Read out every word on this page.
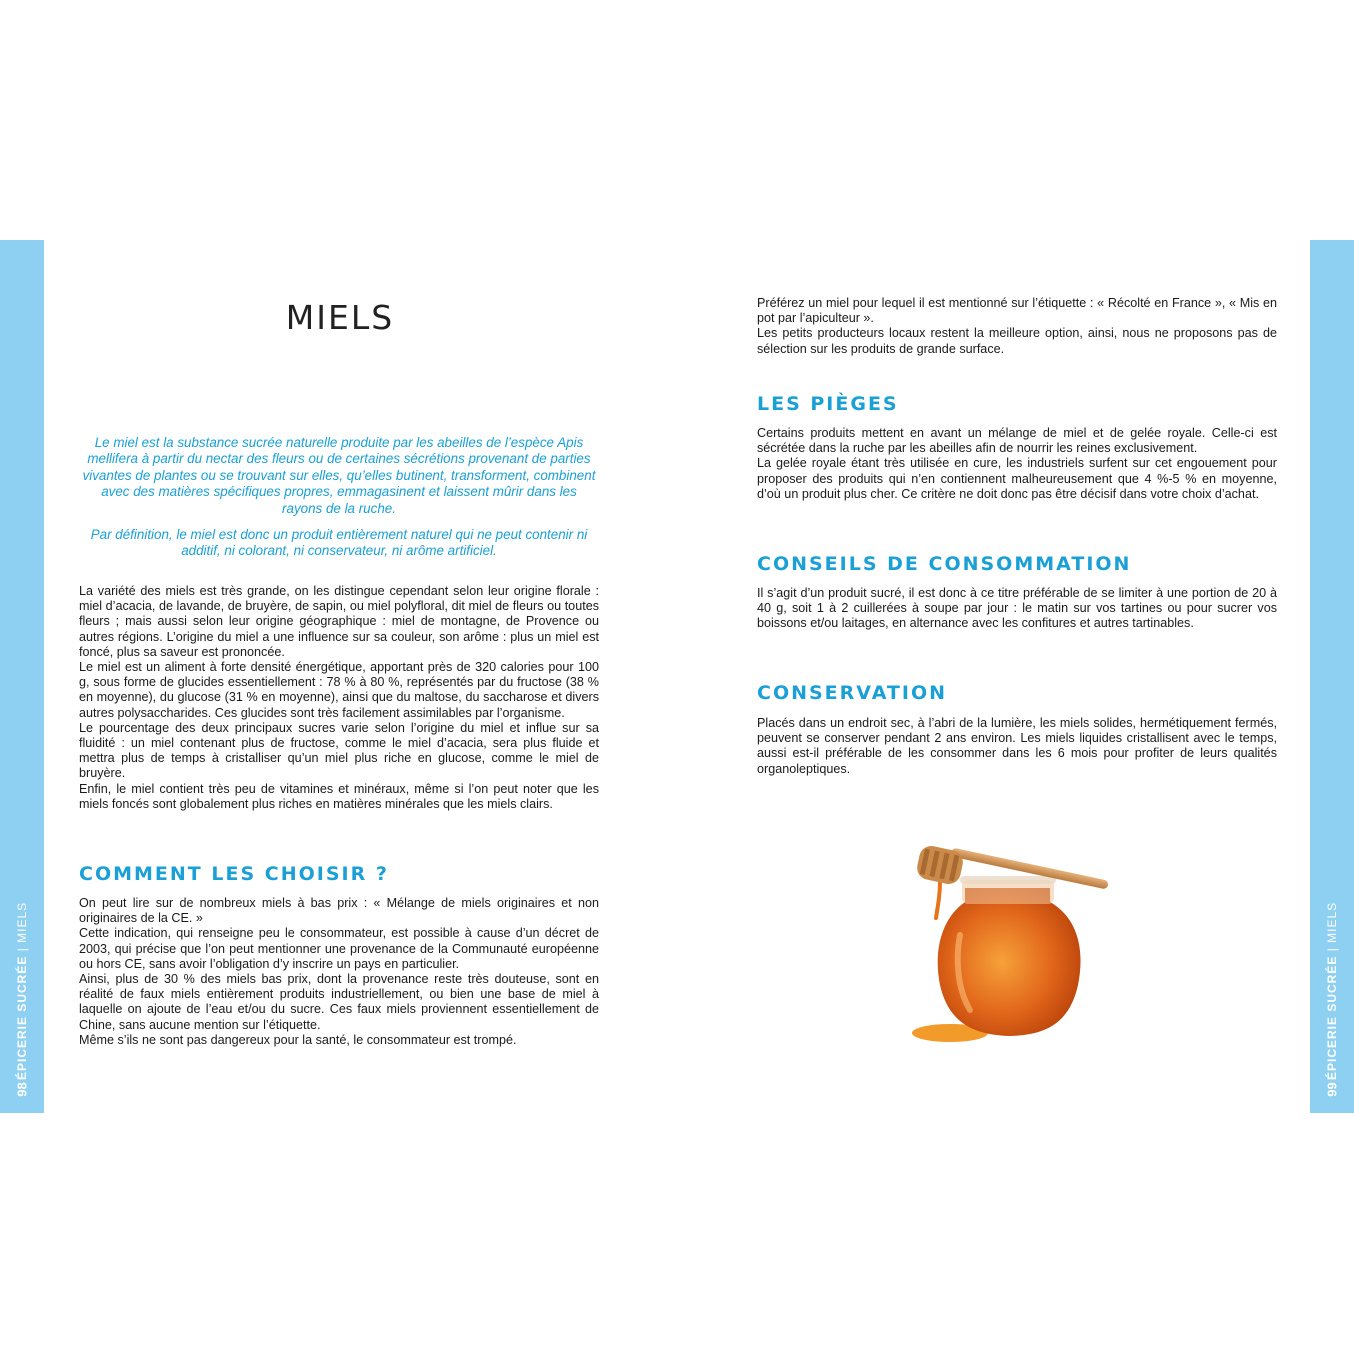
98
ÉPICERIE SUCRÉE | MIELS
99
ÉPICERIE SUCRÉE | MIELS
MIELS
Le miel est la substance sucrée naturelle produite par les abeilles de l’espèce Apis mellifera à partir du nectar des fleurs ou de certaines sécrétions provenant de parties vivantes de plantes ou se trouvant sur elles, qu’elles butinent, transforment, combinent avec des matières spécifiques propres, emmagasinent et laissent mûrir dans les rayons de la ruche.
Par définition, le miel est donc un produit entièrement naturel qui ne peut contenir ni additif, ni colorant, ni conservateur, ni arôme artificiel.

La variété des miels est très grande, on les distingue cependant selon leur origine florale : miel d’acacia, de lavande, de bruyère, de sapin, ou miel polyfloral, dit miel de fleurs ou toutes fleurs ; mais aussi selon leur origine géographique : miel de montagne, de Provence ou autres régions. L’origine du miel a une influence sur sa couleur, son arôme : plus un miel est foncé, plus sa saveur est prononcée.

Le miel est un aliment à forte densité énergétique, apportant près de 320 calories pour 100 g, sous forme de glucides essentiellement : 78 % à 80 %, représentés par du fructose (38 % en moyenne), du glucose (31 % en moyenne), ainsi que du maltose, du saccharose et divers autres polysaccharides. Ces glucides sont très facilement assimilables par l’organisme.

Le pourcentage des deux principaux sucres varie selon l’origine du miel et influe sur sa fluidité : un miel contenant plus de fructose, comme le miel d’acacia, sera plus fluide et mettra plus de temps à cristalliser qu’un miel plus riche en glucose, comme le miel de bruyère.

Enfin, le miel contient très peu de vitamines et minéraux, même si l’on peut noter que les miels foncés sont globalement plus riches en matières minérales que les miels clairs.

COMMENT LES CHOISIR ?

On peut lire sur de nombreux miels à bas prix : « Mélange de miels originaires et non originaires de la CE. »

Cette indication, qui renseigne peu le consommateur, est possible à cause d’un décret de 2003, qui précise que l’on peut mentionner une provenance de la Communauté européenne ou hors CE, sans avoir l’obligation d’y inscrire un pays en particulier.

Ainsi, plus de 30 % des miels bas prix, dont la provenance reste très douteuse, sont en réalité de faux miels entièrement produits industriellement, ou bien une base de miel à laquelle on ajoute de l’eau et/ou du sucre. Ces faux miels proviennent essentiellement de Chine, sans aucune mention sur l’étiquette.

Même s’ils ne sont pas dangereux pour la santé, le consommateur est trompé.

Préférez un miel pour lequel il est mentionné sur l’étiquette : « Récolté en France », « Mis en pot par l’apiculteur ».

Les petits producteurs locaux restent la meilleure option, ainsi, nous ne proposons pas de sélection sur les produits de grande surface.

LES PIÈGES

Certains produits mettent en avant un mélange de miel et de gelée royale. Celle-ci est sécrétée dans la ruche par les abeilles afin de nourrir les reines exclusivement.

La gelée royale étant très utilisée en cure, les industriels surfent sur cet engouement pour proposer des produits qui n’en contiennent malheureusement que 4 %-5 % en moyenne, d’où un produit plus cher. Ce critère ne doit donc pas être décisif dans votre choix d’achat.

CONSEILS DE CONSOMMATION

Il s’agit d’un produit sucré, il est donc à ce titre préférable de se limiter à une portion de 20 à 40 g, soit 1 à 2 cuillerées à soupe par jour : le matin sur vos tartines ou pour sucrer vos boissons et/ou laitages, en alternance avec les confitures et autres tartinables.

CONSERVATION

Placés dans un endroit sec, à l’abri de la lumière, les miels solides, hermétiquement fermés, peuvent se conserver pendant 2 ans environ. Les miels liquides cristallisent avec le temps, aussi est-il préférable de les consommer dans les 6 mois pour profiter de leurs qualités organoleptiques.
